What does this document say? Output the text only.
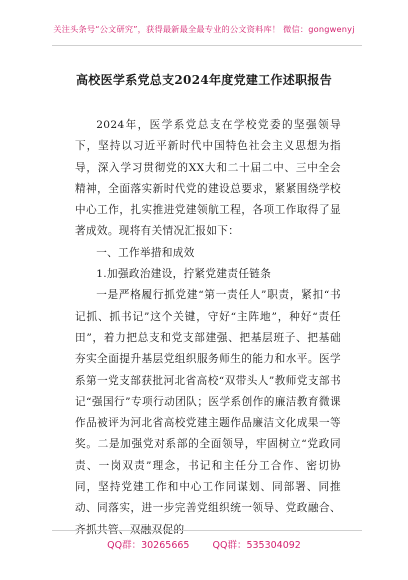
关注头条号“公文研究”，获得最新最全最专业的公文资料库！ 微信：gongwenyj
高校医学系党总支2024年度党建工作述职报告

2024年，医学系党总支在学校党委的坚强领导下，坚持以习近平新时代中国特色社会主义思想为指导，深入学习贯彻党的XX大和二十届二中、三中全会精神，全面落实新时代党的建设总要求，紧紧围绕学校中心工作，扎实推进党建领航工程，各项工作取得了显著成效。现将有关情况汇报如下：

一、工作举措和成效

1.加强政治建设，拧紧党建责任链条

一是严格履行抓党建“第一责任人”职责，紧扣“书记抓、抓书记”这个关键，守好“主阵地”，种好“责任田”，着力把总支和党支部建强、把基层班子、把基础夯实全面提升基层党组织服务师生的能力和水平。医学系第一党支部获批河北省高校“双带头人”教师党支部书记“强国行”专项行动团队；医学系创作的廉洁教育微课作品被评为河北省高校党建主题作品廉洁文化成果一等奖。二是加强党对系部的全面领导，牢固树立“党政同责、一岗双责”理念，书记和主任分工合作、密切协同，坚持党建工作和中心工作同谋划、同部署、同推动、同落实，进一步完善党组织统一领导、党政融合、齐抓共管、双融双促的

QQ群：30265665 QQ群：535304092
